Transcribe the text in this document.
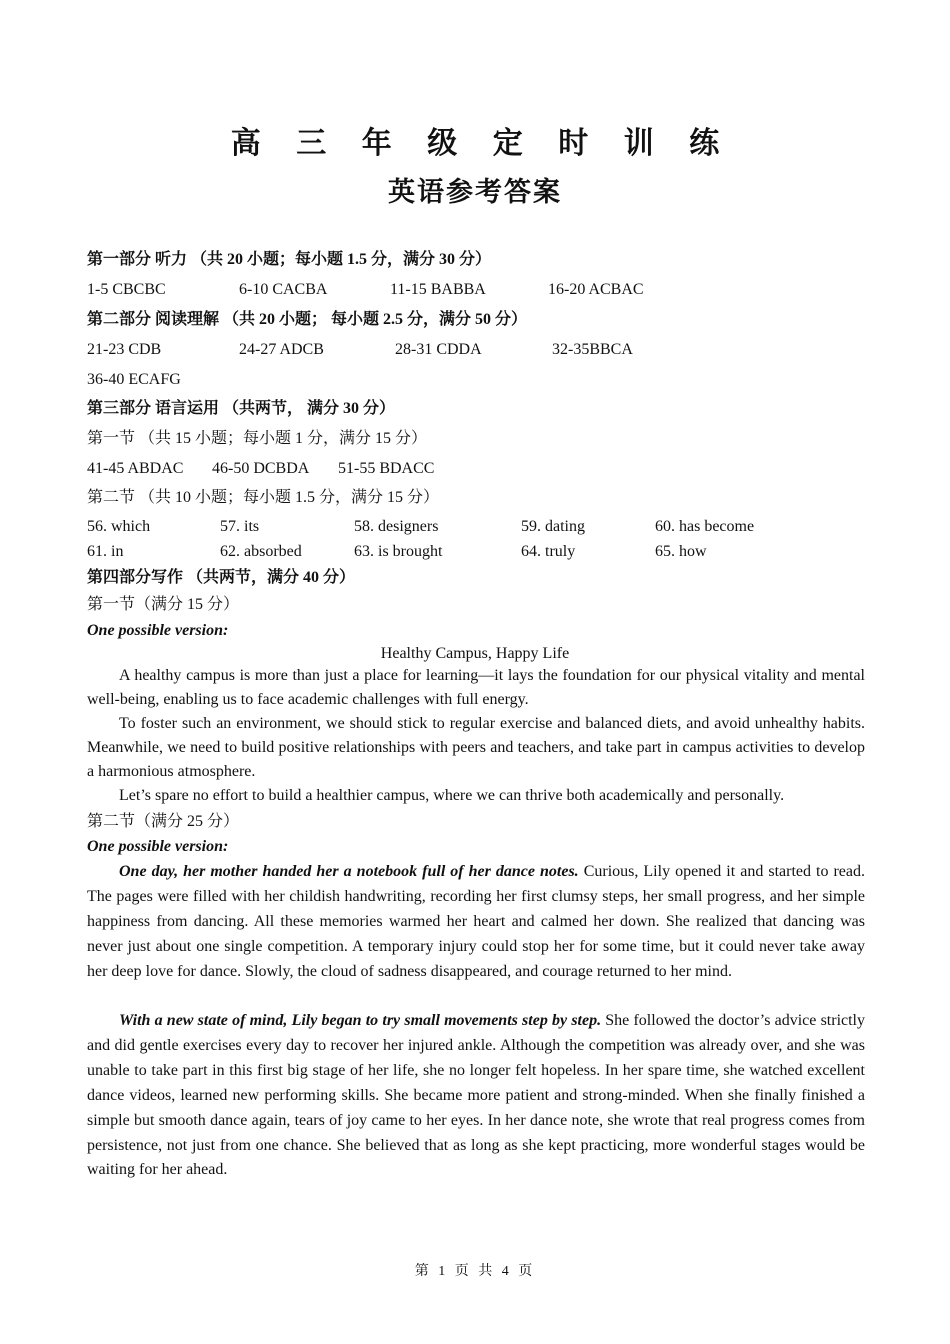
高 三 年 级 定 时 训 练
英语参考答案
第一部分 听力 （共 20 小题；每小题 1.5 分，满分 30 分）
1-5 CBCBC	6-10 CACBA	11-15 BABBA	16-20 ACBAC
第二部分 阅读理解 （共 20 小题； 每小题 2.5 分，满分 50 分）
21-23 CDB	24-27 ADCB	28-31 CDDA	32-35BBCA
36-40 ECAFG
第三部分 语言运用 （共两节， 满分 30 分）
第一节 （共 15 小题；每小题 1 分，满分 15 分）
41-45 ABDAC 46-50 DCBDA 51-55 BDACC
第二节 （共 10 小题；每小题 1.5 分，满分 15 分）
56. which	57. its	58. designers	59. dating	60. has become
61. in	62. absorbed	63. is brought	64. truly	65. how
第四部分写作 （共两节，满分 40 分）
第一节（满分 15 分）
One possible version:
Healthy Campus, Happy Life

A healthy campus is more than just a place for learning—it lays the foundation for our physical vitality and mental well-being, enabling us to face academic challenges with full energy.

To foster such an environment, we should stick to regular exercise and balanced diets, and avoid unhealthy habits. Meanwhile, we need to build positive relationships with peers and teachers, and take part in campus activities to develop a harmonious atmosphere.

Let’s spare no effort to build a healthier campus, where we can thrive both academically and personally.

第二节（满分 25 分）
One possible version:

One day, her mother handed her a notebook full of her dance notes. Curious, Lily opened it and started to read. The pages were filled with her childish handwriting, recording her first clumsy steps, her small progress, and her simple happiness from dancing. All these memories warmed her heart and calmed her down. She realized that dancing was never just about one single competition. A temporary injury could stop her for some time, but it could never take away her deep love for dance. Slowly, the cloud of sadness disappeared, and courage returned to her mind.

With a new state of mind, Lily began to try small movements step by step. She followed the doctor’s advice strictly and did gentle exercises every day to recover her injured ankle. Although the competition was already over, and she was unable to take part in this first big stage of her life, she no longer felt hopeless. In her spare time, she watched excellent dance videos, learned new performing skills. She became more patient and strong-minded. When she finally finished a simple but smooth dance again, tears of joy came to her eyes. In her dance note, she wrote that real progress comes from persistence, not just from one chance. She believed that as long as she kept practicing, more wonderful stages would be waiting for her ahead.

第 1 页 共 4 页
